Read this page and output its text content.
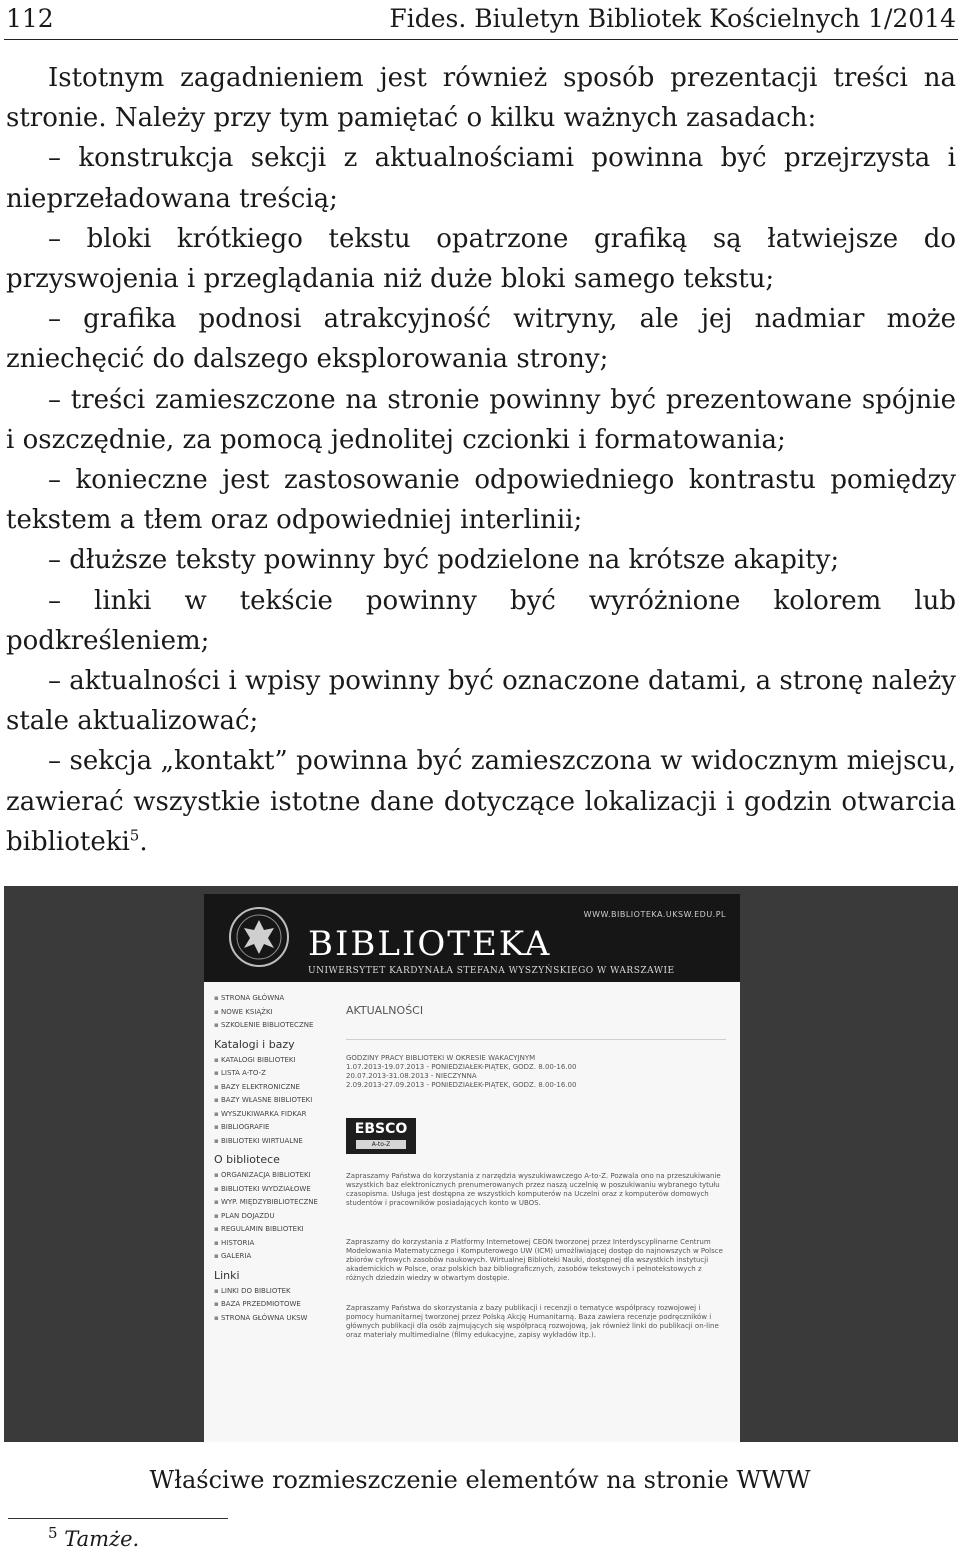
112	Fides. Biuletyn Bibliotek Kościelnych 1/2014

Istotnym zagadnieniem jest również sposób prezentacji treści na stronie. Należy przy tym pamiętać o kilku ważnych zasadach:

– konstrukcja sekcji z aktualnościami powinna być przejrzysta i nieprzeładowana treścią;

– bloki krótkiego tekstu opatrzone grafiką są łatwiejsze do przyswojenia i przeglądania niż duże bloki samego tekstu;

– grafika podnosi atrakcyjność witryny, ale jej nadmiar może zniechęcić do dalszego eksplorowania strony;

– treści zamieszczone na stronie powinny być prezentowane spójnie i oszczędnie, za pomocą jednolitej czcionki i formatowania;

– konieczne jest zastosowanie odpowiedniego kontrastu pomiędzy tekstem a tłem oraz odpowiedniej interlinii;

– dłuższe teksty powinny być podzielone na krótsze akapity;

– linki w tekście powinny być wyróżnione kolorem lub podkreśleniem;

– aktualności i wpisy powinny być oznaczone datami, a stronę należy stale aktualizować;

– sekcja „kontakt” powinna być zamieszczona w widocznym miejscu, zawierać wszystkie istotne dane dotyczące lokalizacji i godzin otwarcia biblioteki$^5$.

WWW.BIBLIOTEKA.UKSW.EDU.PL
BIBLIOTEKA
UNIWERSYTET KARDYNAŁA STEFANA WYSZYŃSKIEGO W WARSZAWIE
▪ STRONA GŁÓWNA
▪ NOWE KSIĄŻKI
▪ SZKOLENIE BIBLIOTECZNE
Katalogi i bazy
▪ KATALOGI BIBLIOTEKI
▪ LISTA A-TO-Z
▪ BAZY ELEKTRONICZNE
▪ BAZY WŁASNE BIBLIOTEKI
▪ WYSZUKIWARKA FIDKAR
▪ BIBLIOGRAFIE
▪ BIBLIOTEKI WIRTUALNE
O bibliotece
▪ ORGANIZACJA BIBLIOTEKI
▪ BIBLIOTEKI WYDZIAŁOWE
▪ WYP. MIĘDZYBIBLIOTECZNE
▪ PLAN DOJAZDU
▪ REGULAMIN BIBLIOTEKI
▪ HISTORIA
▪ GALERIA
Linki
▪ LINKI DO BIBLIOTEK
▪ BAZA PRZEDMIOTOWE
▪ STRONA GŁÓWNA UKSW
AKTUALNOŚCI

GODZINY PRACY BIBLIOTEKI W OKRESIE WAKACYJNYM

1.07.2013-19.07.2013 - PONIEDZIAŁEK-PIĄTEK, GODZ. 8.00-16.00

20.07.2013-31.08.2013 - NIECZYNNA

2.09.2013-27.09.2013 - PONIEDZIAŁEK-PIĄTEK, GODZ. 8.00-16.00

EBSCO
A-to-Z

Zapraszamy Państwa do korzystania z narzędzia wyszukiwawczego A-to-Z. Pozwala ono na przeszukiwanie wszystkich baz elektronicznych prenumerowanych przez naszą uczelnię w poszukiwaniu wybranego tytułu czasopisma. Usługa jest dostępna ze wszystkich komputerów na Uczelni oraz z komputerów domowych studentów i pracowników posiadających konto w UBOS.

Zapraszamy do korzystania z Platformy Internetowej CEON tworzonej przez Interdyscyplinarne Centrum Modelowania Matematycznego i Komputerowego UW (ICM) umożliwiającej dostęp do najnowszych w Polsce zbiorów cyfrowych zasobów naukowych. Wirtualnej Biblioteki Nauki, dostępnej dla wszystkich instytucji akademickich w Polsce, oraz polskich baz bibliograficznych, zasobów tekstowych i pełnotekstowych z różnych dziedzin wiedzy w otwartym dostępie.

Zapraszamy Państwa do skorzystania z bazy publikacji i recenzji o tematyce współpracy rozwojowej i pomocy humanitarnej tworzonej przez Polską Akcję Humanitarną. Baza zawiera recenzje podręczników i głównych publikacji dla osób zajmujących się współpracą rozwojową, jak również linki do publikacji on-line oraz materiały multimedialne (filmy edukacyjne, zapisy wykładów itp.).

Właściwe rozmieszczenie elementów na stronie WWW
$^5$ Tamże.
